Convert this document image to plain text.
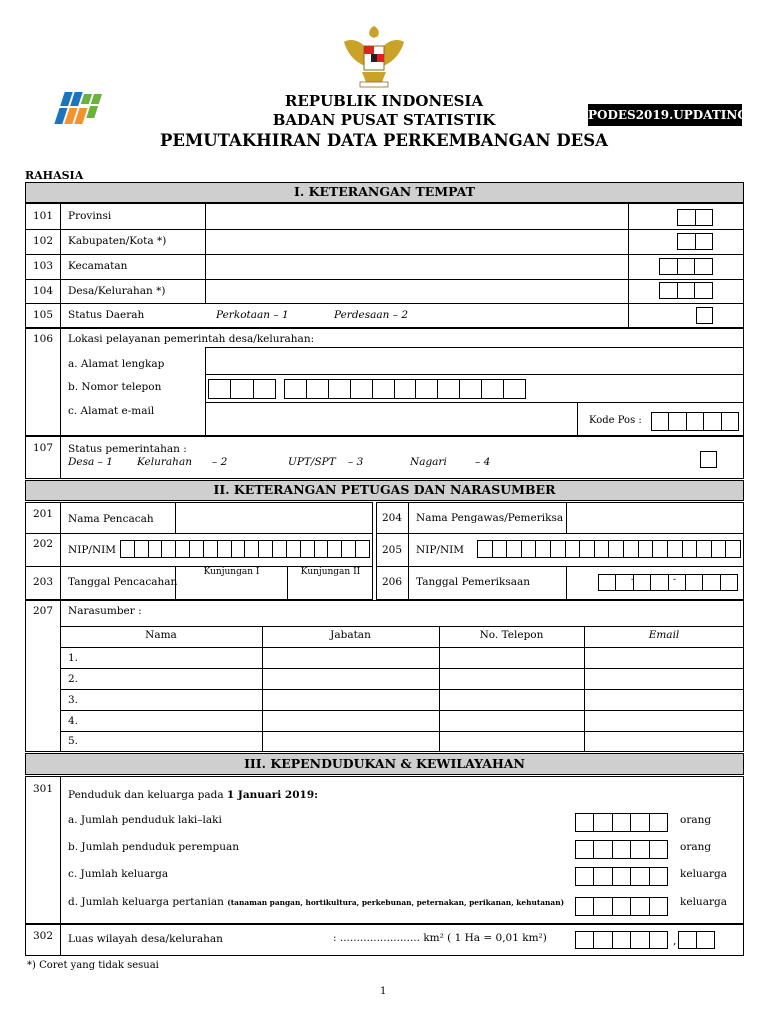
REPUBLIK INDONESIA
BADAN PUSAT STATISTIK
PEMUTAKHIRAN DATA PERKEMBANGAN DESA
PODES2019.UPDATING
RAHASIA
I. KETERANGAN TEMPAT
101 Provinsi
102 Kabupaten/Kota *)
103 Kecamatan
104 Desa/Kelurahan *)
105 Status Daerah	Perkotaan – 1	Perdesaan – 2
106 Lokasi pelayanan pemerintah desa/kelurahan:
a. Alamat lengkap
b. Nomor telepon
c. Alamat e-mail
Kode Pos :
107 Status pemerintahan :
Desa – 1 Kelurahan – 2	UPT/SPT – 3	Nagari	– 4
II. KETERANGAN PETUGAS DAN NARASUMBER
201 Nama Pencacah
202 NIP/NIM
203 Tanggal Pencacahan
Kunjungan I	Kunjungan II
204 Nama Pengawas/Pemeriksa
205 NIP/NIM
206 Tanggal Pemeriksaan	-	-
207 Narasumber :
Nama	Jabatan	No. Telepon	Email
1.
2.
3.
4.
5.
III. KEPENDUDUKAN & KEWILAYAHAN
301 Penduduk dan keluarga pada 1 Januari 2019:
a. Jumlah penduduk laki–laki	orang
b. Jumlah penduduk perempuan	orang
c. Jumlah keluarga	keluarga
d. Jumlah keluarga pertanian (tanaman pangan, hortikultura, perkebunan, peternakan, perikanan, kehutanan)	keluarga
302 Luas wilayah desa/kelurahan	: ........................ km² ( 1 Ha = 0,01 km²)	,
*) Coret yang tidak sesuai
1
